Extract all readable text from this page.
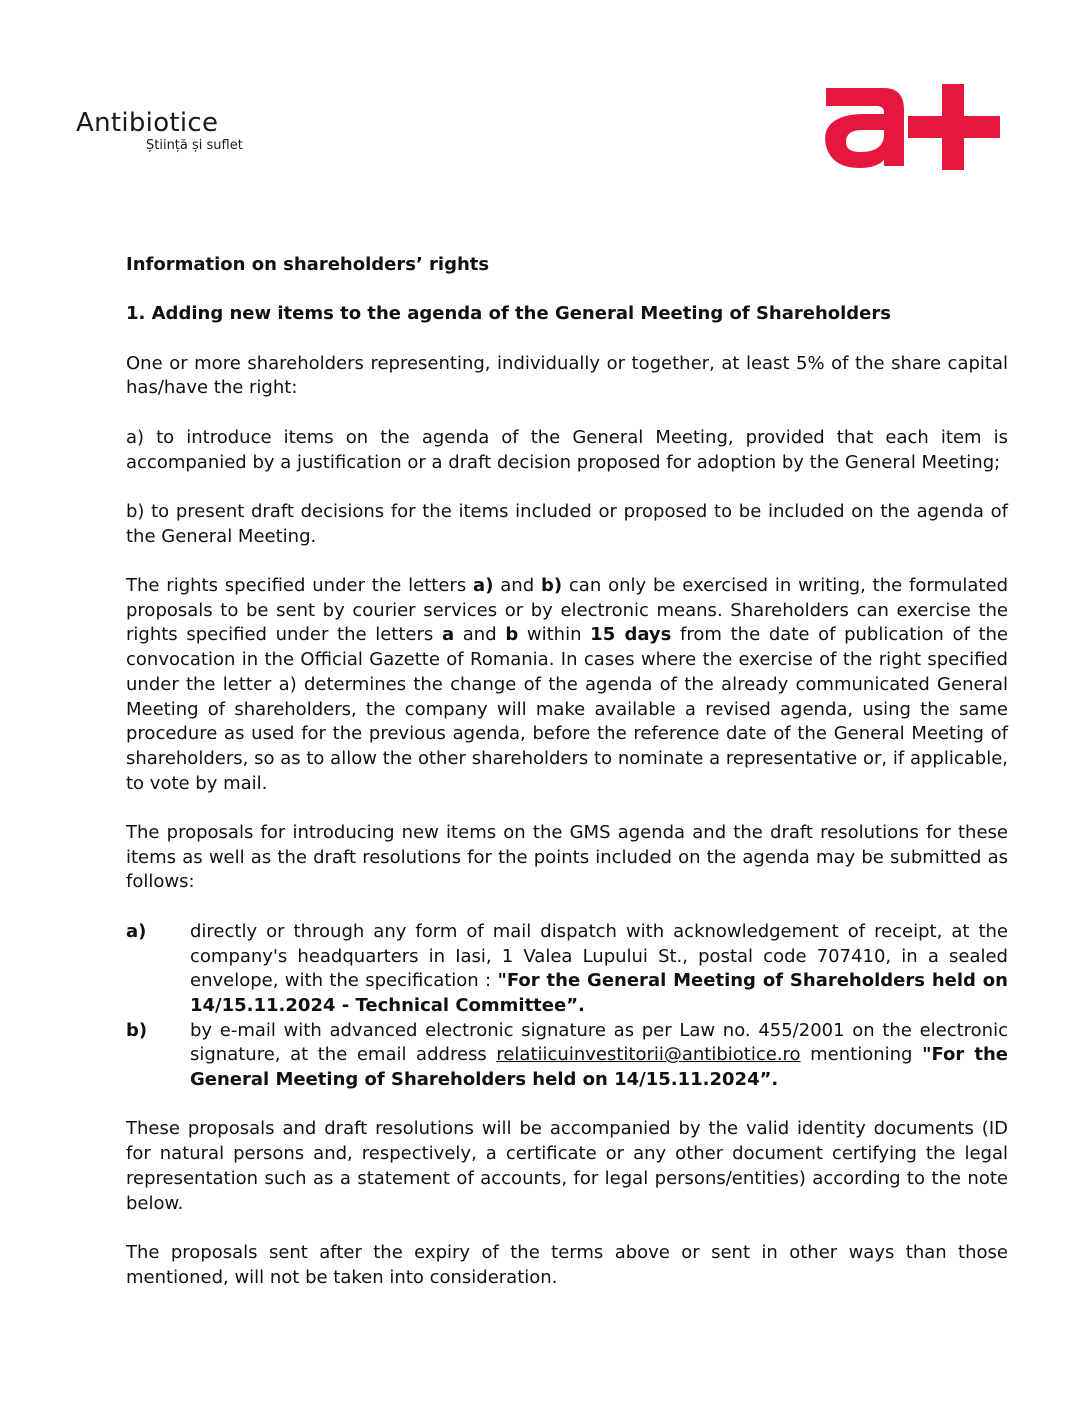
Antibiotice
Știință și suflet

Information on shareholders’ rights

1. Adding new items to the agenda of the General Meeting of Shareholders

One or more shareholders representing, individually or together, at least 5% of the share capital has/have the right:

a) to introduce items on the agenda of the General Meeting, provided that each item is accompanied by a justification or a draft decision proposed for adoption by the General Meeting;

b) to present draft decisions for the items included or proposed to be included on the agenda of the General Meeting.

The rights specified under the letters a) and b) can only be exercised in writing, the formulated proposals to be sent by courier services or by electronic means. Shareholders can exercise the rights specified under the letters a and b within 15 days from the date of publication of the convocation in the Official Gazette of Romania. In cases where the exercise of the right specified under the letter a) determines the change of the agenda of the already communicated General Meeting of shareholders, the company will make available a revised agenda, using the same procedure as used for the previous agenda, before the reference date of the General Meeting of shareholders, so as to allow the other shareholders to nominate a representative or, if applicable, to vote by mail.

The proposals for introducing new items on the GMS agenda and the draft resolutions for these items as well as the draft resolutions for the points included on the agenda may be submitted as follows:

a)	directly or through any form of mail dispatch with acknowledgement of receipt, at the company's headquarters in Iasi, 1 Valea Lupului St., postal code 707410, in a sealed envelope, with the specification : "For the General Meeting of Shareholders held on 14/15.11.2024 - Technical Committee”.
b)	by e-mail with advanced electronic signature as per Law no. 455/2001 on the electronic signature, at the email address relatiicuinvestitorii@antibiotice.ro mentioning "For the General Meeting of Shareholders held on 14/15.11.2024”.

These proposals and draft resolutions will be accompanied by the valid identity documents (ID for natural persons and, respectively, a certificate or any other document certifying the legal representation such as a statement of accounts, for legal persons/entities) according to the note below.

The proposals sent after the expiry of the terms above or sent in other ways than those mentioned, will not be taken into consideration.
